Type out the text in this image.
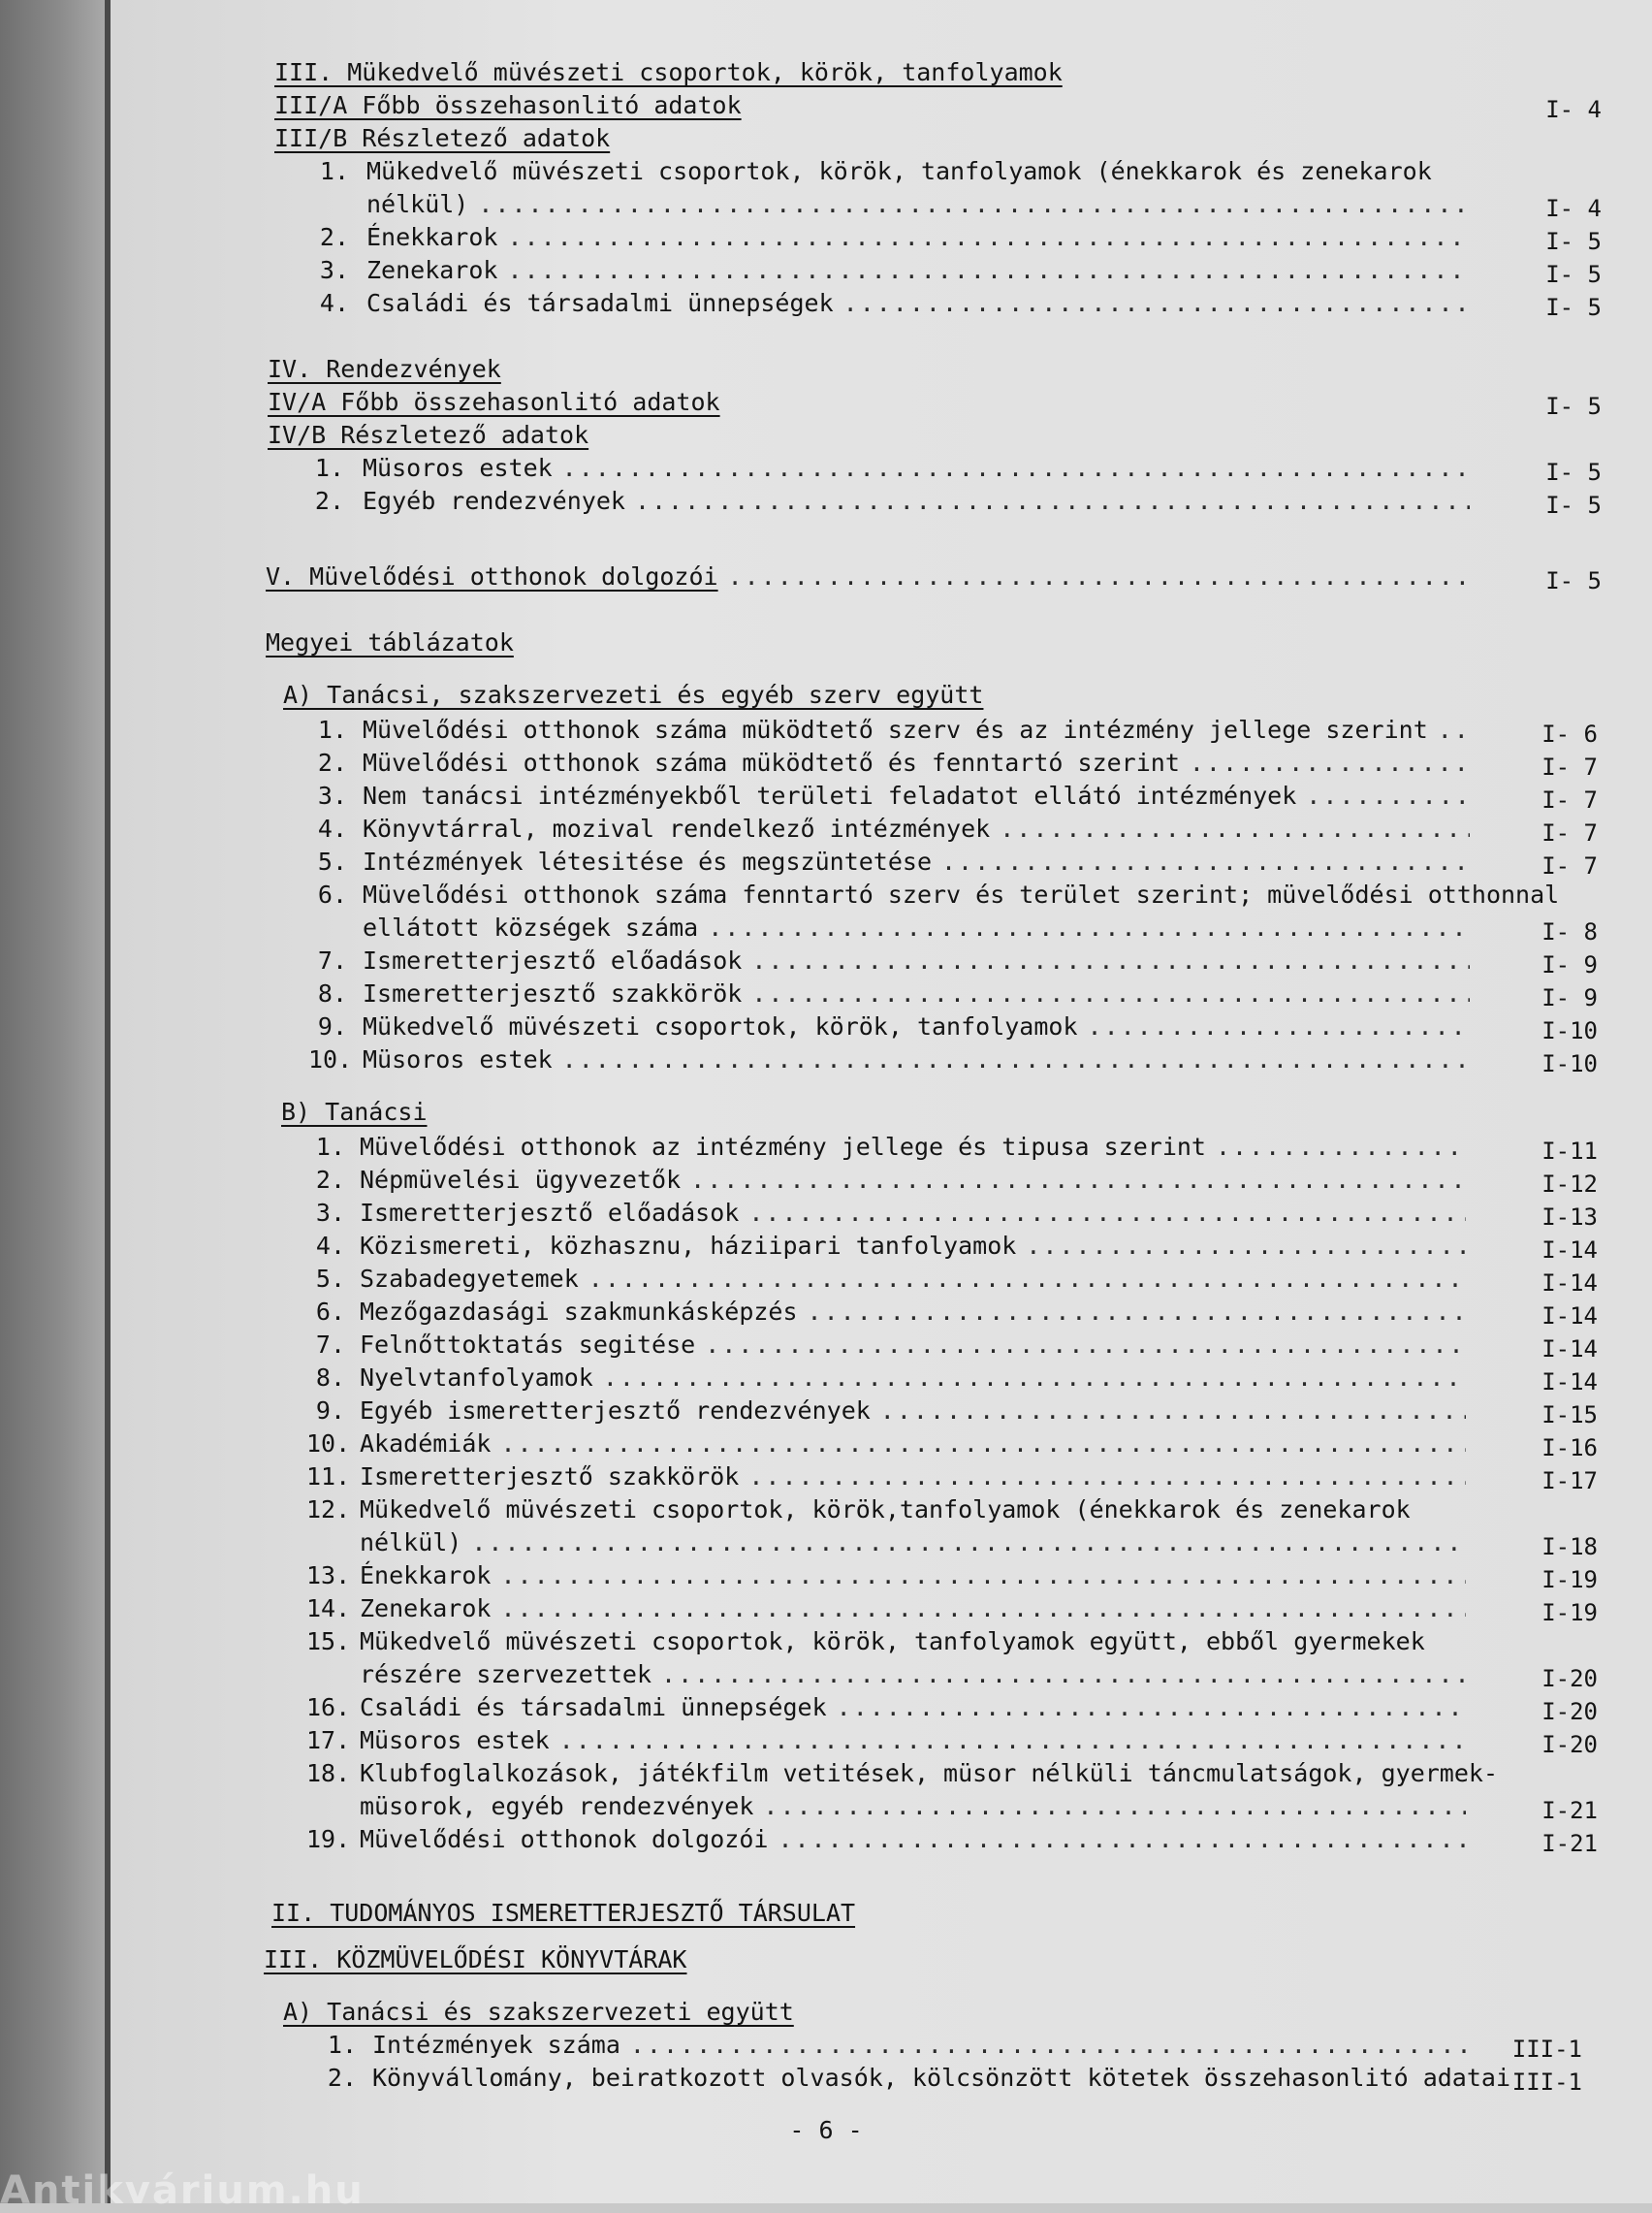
III. Mükedvelő müvészeti csoportok, körök, tanfolyamok
III/A Főbb összehasonlitó adatok	I- 4
III/B Részletező adatok
1. Mükedvelő müvészeti csoportok, körök, tanfolyamok (énekkarok és zenekarok
.....
nélkül)	I- 4
.....
2. Énekkarok	I- 5
.....
3. Zenekarok	I- 5
.....
4. Családi és társadalmi ünnepségek	I- 5
IV. Rendezvények
IV/A Főbb összehasonlitó adatok	I- 5
IV/B Részletező adatok
.....
1. Müsoros estek	I- 5
.....
2. Egyéb rendezvények	I- 5
.....
V. Müvelődési otthonok dolgozói	I- 5
Megyei táblázatok
A) Tanácsi, szakszervezeti és egyéb szerv együtt
.....
1. Müvelődési otthonok száma müködtető szerv és az intézmény jellege szerint	I- 6
.....
2. Müvelődési otthonok száma müködtető és fenntartó szerint	I- 7
.....
3. Nem tanácsi intézményekből területi feladatot ellátó intézmények	I- 7
.....
4. Könyvtárral, mozival rendelkező intézmények	I- 7
.....
5. Intézmények létesitése és megszüntetése	I- 7
6. Müvelődési otthonok száma fenntartó szerv és terület szerint; müvelődési otthonnal
.....
ellátott községek száma	I- 8
.....
7. Ismeretterjesztő előadások	I- 9
.....
8. Ismeretterjesztő szakkörök	I- 9
.....
9. Mükedvelő müvészeti csoportok, körök, tanfolyamok	I-10
.....
10. Müsoros estek	I-10
B) Tanácsi
.....
1. Müvelődési otthonok az intézmény jellege és tipusa szerint	I-11
.....
2. Népmüvelési ügyvezetők	I-12
.....
3. Ismeretterjesztő előadások	I-13
.....
4. Közismereti, közhasznu, háziipari tanfolyamok	I-14
.....
5. Szabadegyetemek	I-14
.....
6. Mezőgazdasági szakmunkásképzés	I-14
.....
7. Felnőttoktatás segitése	I-14
.....
8. Nyelvtanfolyamok	I-14
.....
9. Egyéb ismeretterjesztő rendezvények	I-15
.....
10. Akadémiák	I-16
.....
11. Ismeretterjesztő szakkörök	I-17
12. Mükedvelő müvészeti csoportok, körök,tanfolyamok (énekkarok és zenekarok
.....
nélkül)	I-18
.....
13. Énekkarok	I-19
.....
14. Zenekarok	I-19
15. Mükedvelő müvészeti csoportok, körök, tanfolyamok együtt, ebből gyermekek
.....
részére szervezettek	I-20
.....
16. Családi és társadalmi ünnepségek	I-20
.....
17. Müsoros estek	I-20
18. Klubfoglalkozások, játékfilm vetitések, müsor nélküli táncmulatságok, gyermek-
.....
müsorok, egyéb rendezvények	I-21
.....
19. Müvelődési otthonok dolgozói	I-21
II. TUDOMÁNYOS ISMERETTERJESZTŐ TÁRSULAT
III. KÖZMÜVELŐDÉSI KÖNYVTÁRAK
A) Tanácsi és szakszervezeti együtt
.....
1. Intézmények száma	III-1
2. Könyvállomány, beiratkozott olvasók, kölcsönzött kötetek összehasonlitó adatai III-1
- 6 -
Antikvárium.hu
